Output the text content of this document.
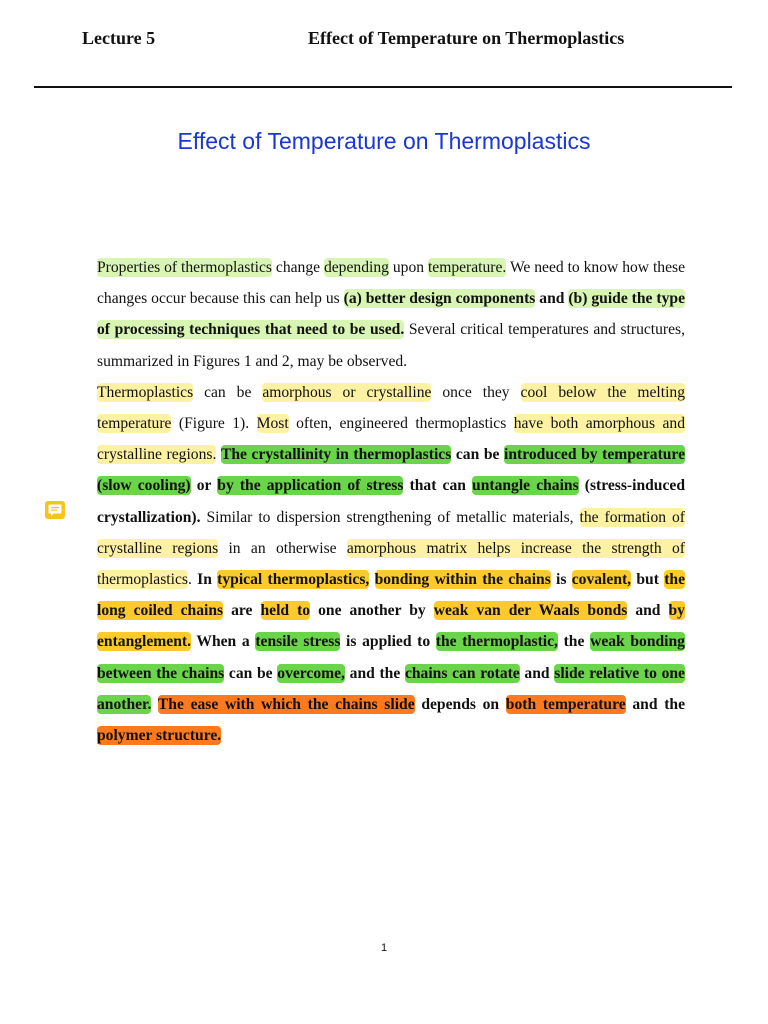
Lecture 5	Effect of Temperature on Thermoplastics
Effect of Temperature on Thermoplastics

Properties of thermoplastics change depending upon temperature. We need to know how these changes occur because this can help us (a) better design components and (b) guide the type of processing techniques that need to be used. Several critical temperatures and structures, summarized in Figures 1 and 2, may be observed.

Thermoplastics can be amorphous or crystalline once they cool below the melting temperature (Figure 1). Most often, engineered thermoplastics have both amorphous and crystalline regions. The crystallinity in thermoplastics can be introduced by temperature (slow cooling) or by the application of stress that can untangle chains (stress-induced crystallization). Similar to dispersion strengthening of metallic materials, the formation of crystalline regions in an otherwise amorphous matrix helps increase the strength of thermoplastics. In typical thermoplastics, bonding within the chains is covalent, but the long coiled chains are held to one another by weak van der Waals bonds and by entanglement. When a tensile stress is applied to the thermoplastic, the weak bonding between the chains can be overcome, and the chains can rotate and slide relative to one another. The ease with which the chains slide depends on both temperature and the polymer structure.

1
